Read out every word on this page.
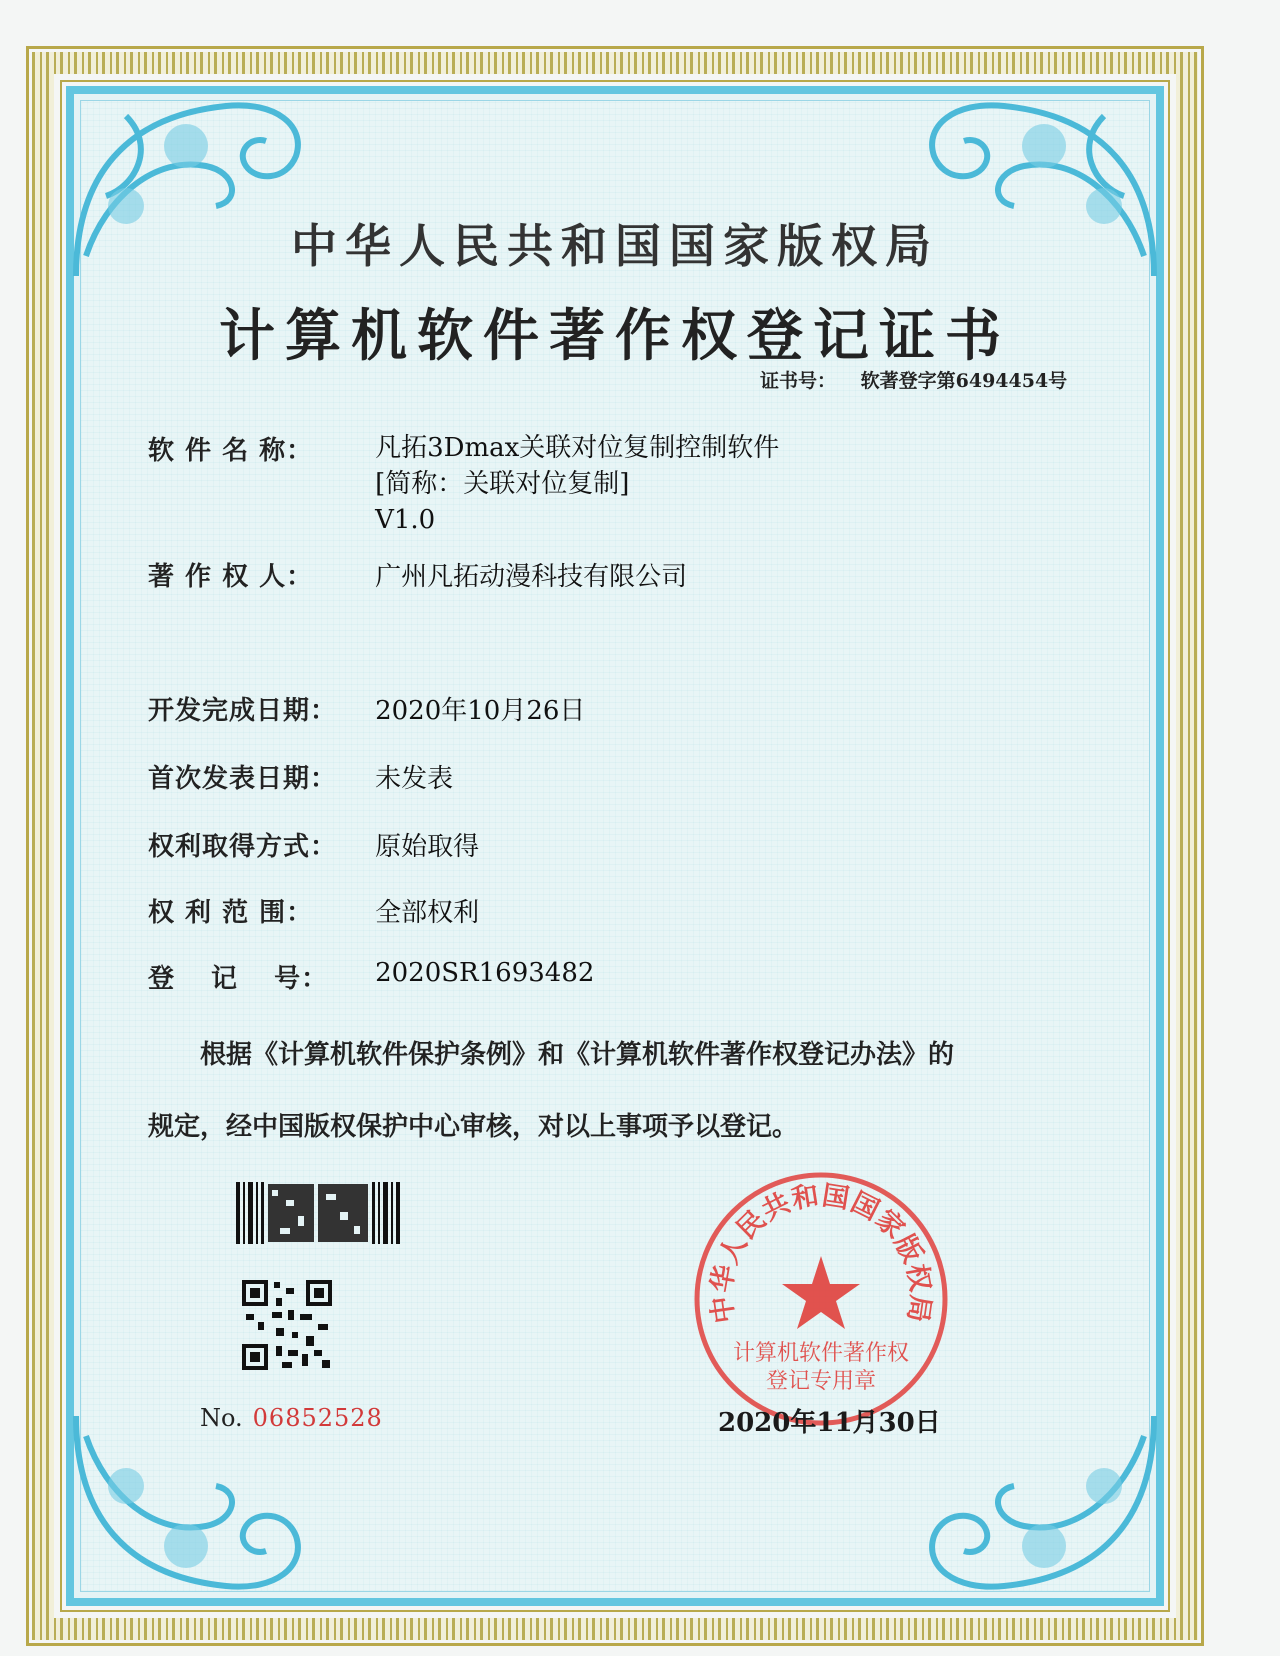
中华人民共和国国家版权局
计算机软件著作权登记证书
证书号： 软著登字第6494454号
软 件 名 称： 凡拓3Dmax关联对位复制控制软件
[简称：关联对位复制]
V1.0
著 作 权 人： 广州凡拓动漫科技有限公司
开发完成日期： 2020年10月26日
首次发表日期： 未发表
权利取得方式： 原始取得
权 利 范 围： 全部权利
登 记 号： 2020SR1693482
根据《计算机软件保护条例》和《计算机软件著作权登记办法》的
规定，经中国版权保护中心审核，对以上事项予以登记。
No. 06852528
中华人民共和国国家版权局
计算机软件著作权
登记专用章
2020年11月30日
